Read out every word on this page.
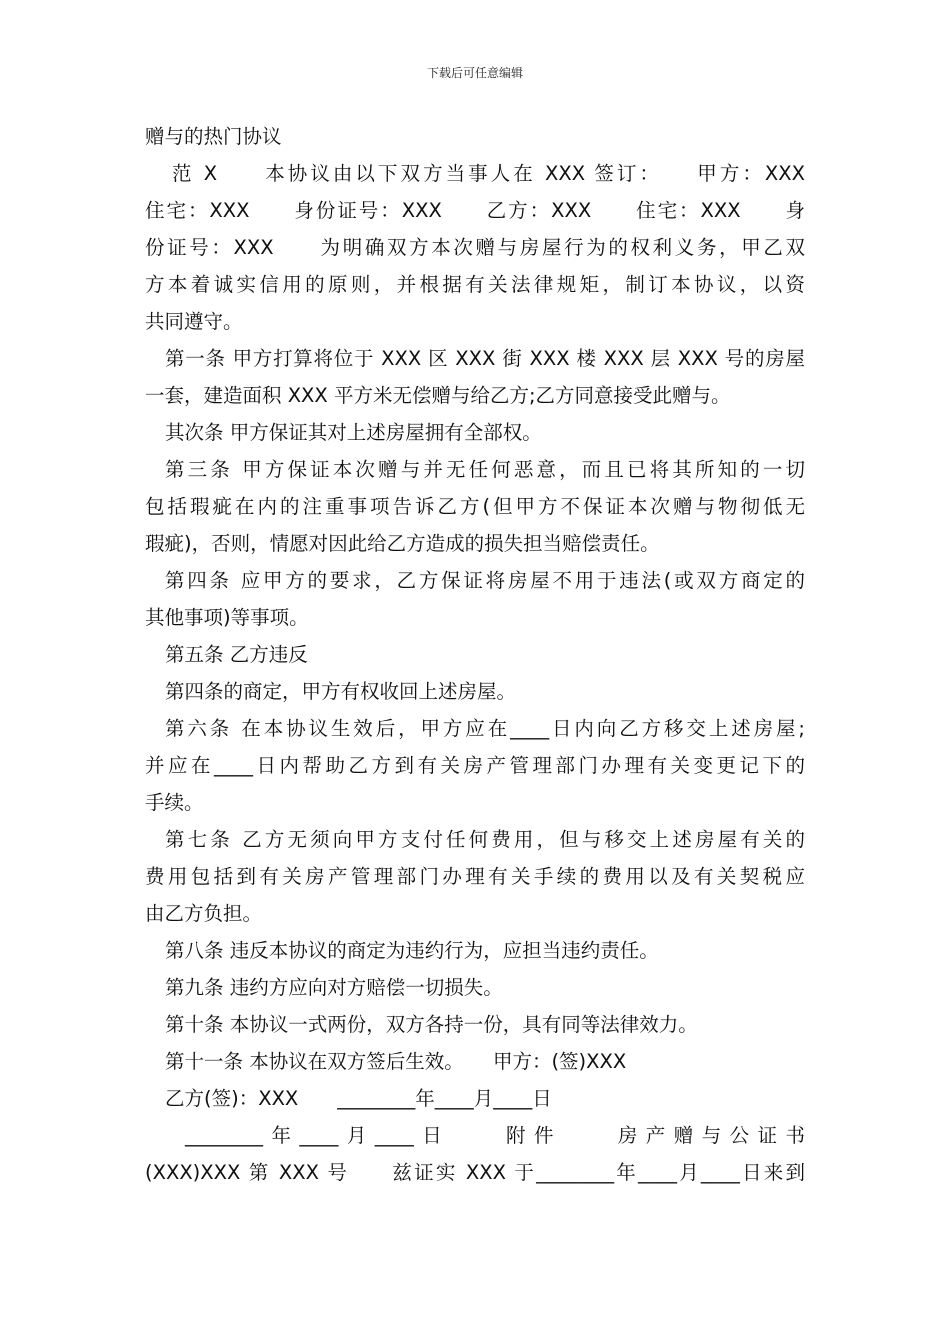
下载后可任意编辑
赠与的热门协议
范 X　　本协议由以下双方当事人在 XXX 签订：　　甲方：XXX
住宅：XXX　　身份证号：XXX　　乙方：XXX　　住宅：XXX　　身
份证号：XXX　　为明确双方本次赠与房屋行为的权利义务，甲乙双
方本着诚实信用的原则，并根据有关法律规矩，制订本协议，以资
共同遵守。
第一条 甲方打算将位于 XXX 区 XXX 街 XXX 楼 XXX 层 XXX 号的房屋
一套，建造面积 XXX 平方米无偿赠与给乙方;乙方同意接受此赠与。
其次条 甲方保证其对上述房屋拥有全部权。
第三条 甲方保证本次赠与并无任何恶意，而且已将其所知的一切
包括瑕疵在内的注重事项告诉乙方(但甲方不保证本次赠与物彻低无
瑕疵)，否则，情愿对因此给乙方造成的损失担当赔偿责任。
第四条 应甲方的要求，乙方保证将房屋不用于违法(或双方商定的
其他事项)等事项。
第五条 乙方违反
第四条的商定，甲方有权收回上述房屋。
第六条 在本协议生效后，甲方应在____日内向乙方移交上述房屋;
并应在____日内帮助乙方到有关房产管理部门办理有关变更记下的
手续。
第七条 乙方无须向甲方支付任何费用，但与移交上述房屋有关的
费用包括到有关房产管理部门办理有关手续的费用以及有关契税应
由乙方负担。
第八条 违反本协议的商定为违约行为，应担当违约责任。
第九条 违约方应向对方赔偿一切损失。
第十条 本协议一式两份，双方各持一份，具有同等法律效力。
第十一条 本协议在双方签后生效。　　甲方：(签)XXX
乙方(签)：XXX　　________年____月____日
________年____月____日　　附件　　房产赠与公证书
(XXX)XXX 第 XXX 号　　兹证实 XXX 于________年____月____日来到
